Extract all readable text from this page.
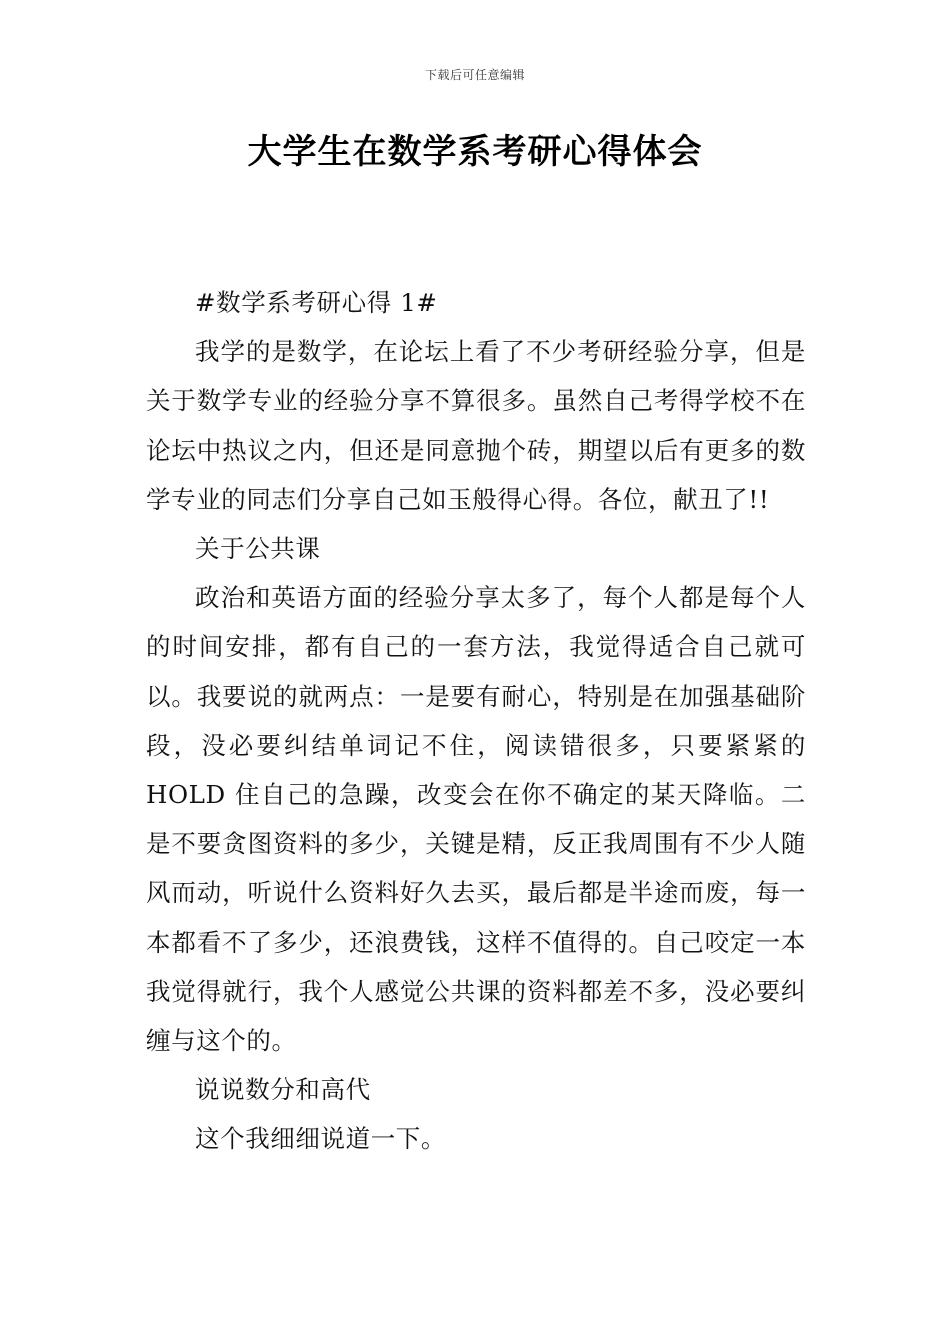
下载后可任意编辑
大学生在数学系考研心得体会

#数学系考研心得 1#

我学的是数学，在论坛上看了不少考研经验分享，但是关于数学专业的经验分享不算很多。虽然自己考得学校不在论坛中热议之内，但还是同意抛个砖，期望以后有更多的数学专业的同志们分享自己如玉般得心得。各位，献丑了!!

关于公共课

政治和英语方面的经验分享太多了，每个人都是每个人的时间安排，都有自己的一套方法，我觉得适合自己就可以。我要说的就两点：一是要有耐心，特别是在加强基础阶段，没必要纠结单词记不住，阅读错很多，只要紧紧的 HOLD 住自己的急躁，改变会在你不确定的某天降临。二是不要贪图资料的多少，关键是精，反正我周围有不少人随风而动，听说什么资料好久去买，最后都是半途而废，每一本都看不了多少，还浪费钱，这样不值得的。自己咬定一本我觉得就行，我个人感觉公共课的资料都差不多，没必要纠缠与这个的。

说说数分和高代

这个我细细说道一下。
